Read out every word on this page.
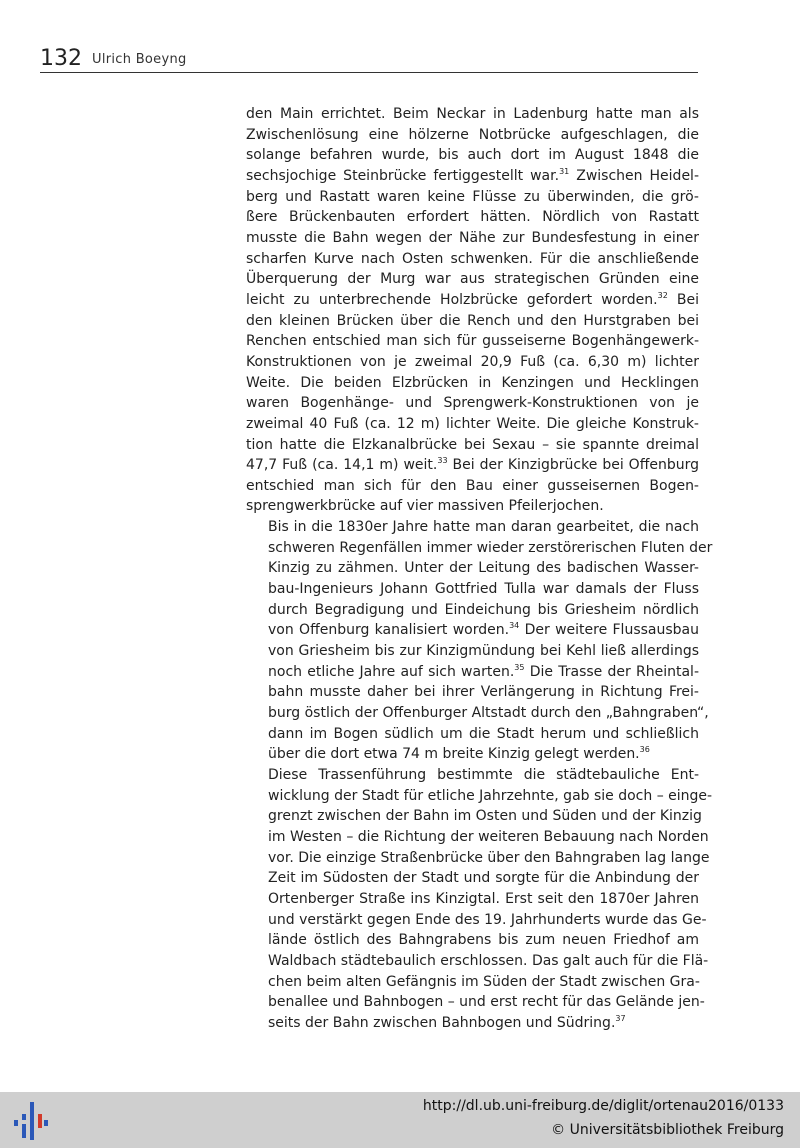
132 Ulrich Boeyng

den Main errichtet. Beim Neckar in Ladenburg hatte man als
Zwischenlösung eine hölzerne Notbrücke aufgeschlagen, die
solange befahren wurde, bis auch dort im August 1848 die
sechsjochige Steinbrücke fertiggestellt war.$^{31}$ Zwischen Heidel-
berg und Rastatt waren keine Flüsse zu überwinden, die grö-
ßere Brückenbauten erfordert hätten. Nördlich von Rastatt
musste die Bahn wegen der Nähe zur Bundesfestung in einer
scharfen Kurve nach Osten schwenken. Für die anschließende
Überquerung der Murg war aus strategischen Gründen eine
leicht zu unterbrechende Holzbrücke gefordert worden.$^{32}$ Bei
den kleinen Brücken über die Rench und den Hurstgraben bei
Renchen entschied man sich für gusseiserne Bogenhängewerk-
Konstruktionen von je zweimal 20,9 Fuß (ca. 6,30 m) lichter
Weite. Die beiden Elzbrücken in Kenzingen und Hecklingen
waren Bogenhänge- und Sprengwerk-Konstruktionen von je
zweimal 40 Fuß (ca. 12 m) lichter Weite. Die gleiche Konstruk-
tion hatte die Elzkanalbrücke bei Sexau – sie spannte dreimal
47,7 Fuß (ca. 14,1 m) weit.$^{33}$ Bei der Kinzigbrücke bei Offenburg
entschied man sich für den Bau einer gusseisernen Bogen-
sprengwerkbrücke auf vier massiven Pfeilerjochen.

Bis in die 1830er Jahre hatte man daran gearbeitet, die nach
schweren Regenfällen immer wieder zerstörerischen Fluten der
Kinzig zu zähmen. Unter der Leitung des badischen Wasser-
bau-Ingenieurs Johann Gottfried Tulla war damals der Fluss
durch Begradigung und Eindeichung bis Griesheim nördlich
von Offenburg kanalisiert worden.$^{34}$ Der weitere Flussausbau
von Griesheim bis zur Kinzigmündung bei Kehl ließ allerdings
noch etliche Jahre auf sich warten.$^{35}$ Die Trasse der Rheintal-
bahn musste daher bei ihrer Verlängerung in Richtung Frei-
burg östlich der Offenburger Altstadt durch den „Bahngraben“,
dann im Bogen südlich um die Stadt herum und schließlich
über die dort etwa 74 m breite Kinzig gelegt werden.$^{36}$

Diese Trassenführung bestimmte die städtebauliche Ent-
wicklung der Stadt für etliche Jahrzehnte, gab sie doch – einge-
grenzt zwischen der Bahn im Osten und Süden und der Kinzig
im Westen – die Richtung der weiteren Bebauung nach Norden
vor. Die einzige Straßenbrücke über den Bahngraben lag lange
Zeit im Südosten der Stadt und sorgte für die Anbindung der
Ortenberger Straße ins Kinzigtal. Erst seit den 1870er Jahren
und verstärkt gegen Ende des 19. Jahrhunderts wurde das Ge-
lände östlich des Bahngrabens bis zum neuen Friedhof am
Waldbach städtebaulich erschlossen. Das galt auch für die Flä-
chen beim alten Gefängnis im Süden der Stadt zwischen Gra-
benallee und Bahnbogen – und erst recht für das Gelände jen-
seits der Bahn zwischen Bahnbogen und Südring.$^{37}$

http://dl.ub.uni-freiburg.de/diglit/ortenau2016/0133
© Universitätsbibliothek Freiburg
